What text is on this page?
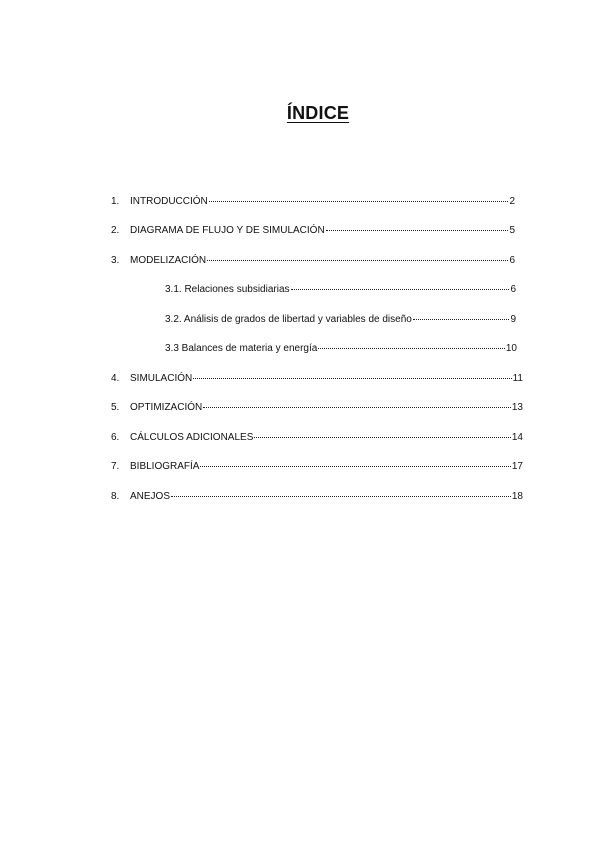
ÍNDICE
1.	INTRODUCCIÓN	2
2.	DIAGRAMA DE FLUJO Y DE SIMULACIÓN	5
3.	MODELIZACIÓN	6
3.1. Relaciones subsidiarias	6
3.2. Análisis de grados de libertad y variables de diseño	9
3.3 Balances de materia y energía	10
4.	SIMULACIÓN	11
5.	OPTIMIZACIÓN	13
6.	CÁLCULOS ADICIONALES	14
7.	BIBLIOGRAFÍA	17
8.	ANEJOS	18
